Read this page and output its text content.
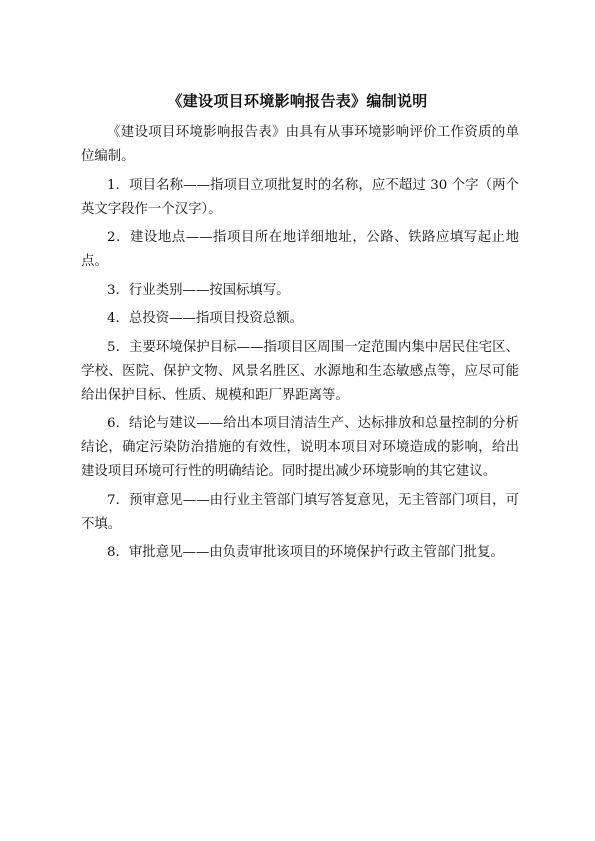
《建设项目环境影响报告表》编制说明

《建设项目环境影响报告表》由具有从事环境影响评价工作资质的单位编制。

1．项目名称——指项目立项批复时的名称，应不超过 30 个字（两个英文字段作一个汉字）。

2．建设地点——指项目所在地详细地址，公路、铁路应填写起止地点。

3．行业类别——按国标填写。

4．总投资——指项目投资总额。

5．主要环境保护目标——指项目区周围一定范围内集中居民住宅区、学校、医院、保护文物、风景名胜区、水源地和生态敏感点等，应尽可能给出保护目标、性质、规模和距厂界距离等。

6．结论与建议——给出本项目清洁生产、达标排放和总量控制的分析结论，确定污染防治措施的有效性，说明本项目对环境造成的影响，给出建设项目环境可行性的明确结论。同时提出减少环境影响的其它建议。

7．预审意见——由行业主管部门填写答复意见，无主管部门项目，可不填。

8．审批意见——由负责审批该项目的环境保护行政主管部门批复。
